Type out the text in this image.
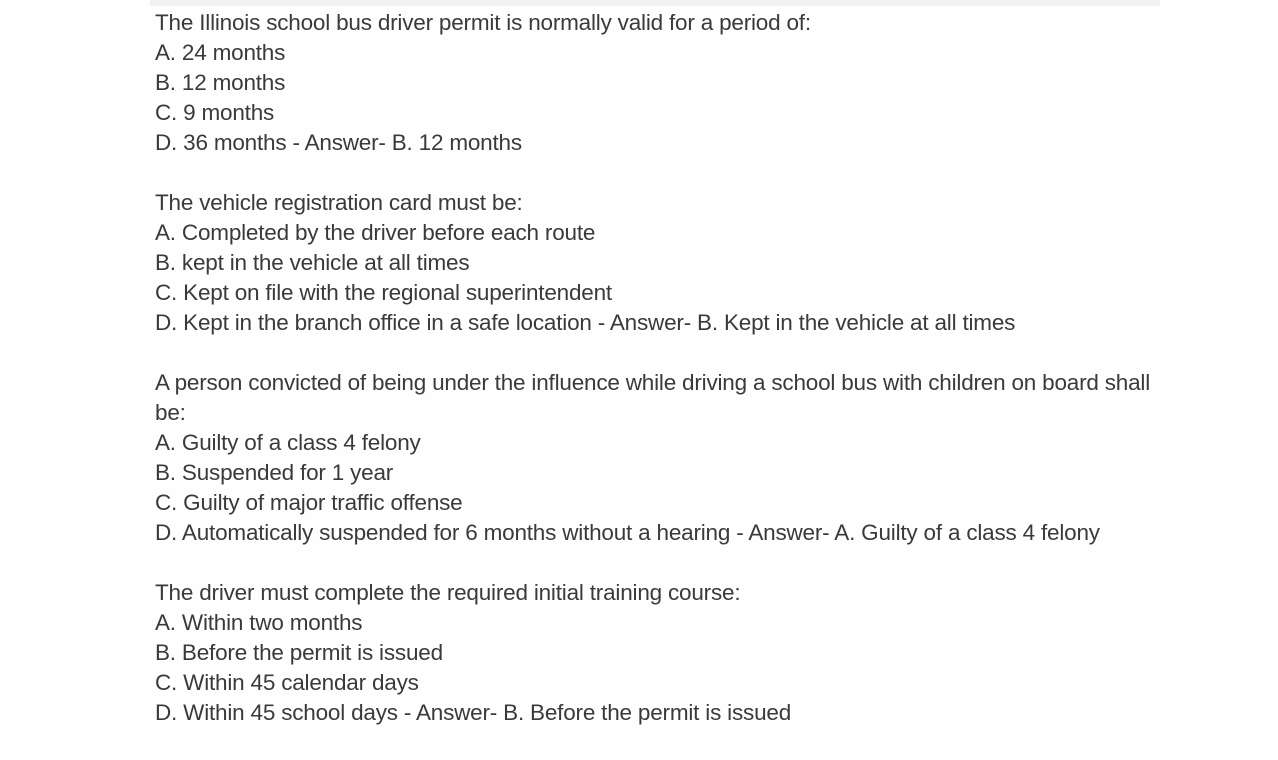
The Illinois school bus driver permit is normally valid for a period of:
A. 24 months
B. 12 months
C. 9 months
D. 36 months - Answer- B. 12 months
The vehicle registration card must be:
A. Completed by the driver before each route
B. kept in the vehicle at all times
C. Kept on file with the regional superintendent
D. Kept in the branch office in a safe location - Answer- B. Kept in the vehicle at all times
A person convicted of being under the influence while driving a school bus with children on board shall be:
A. Guilty of a class 4 felony
B. Suspended for 1 year
C. Guilty of major traffic offense
D. Automatically suspended for 6 months without a hearing - Answer- A. Guilty of a class 4 felony
The driver must complete the required initial training course:
A. Within two months
B. Before the permit is issued
C. Within 45 calendar days
D. Within 45 school days - Answer- B. Before the permit is issued
